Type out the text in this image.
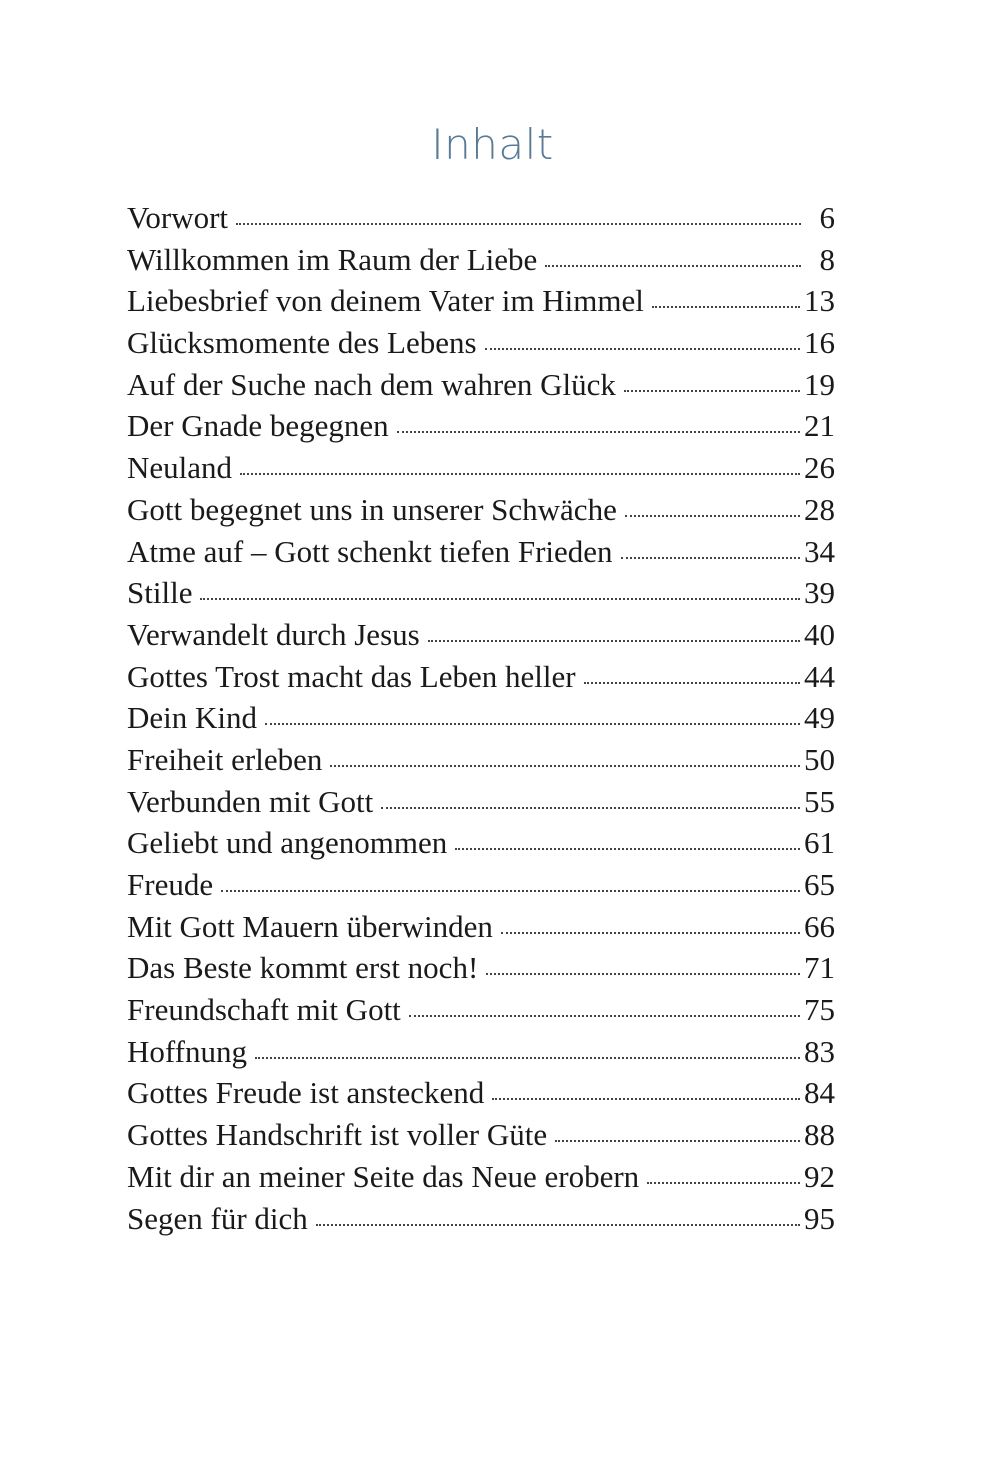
Inhalt
Vorwort	6
Willkommen im Raum der Liebe	8
Liebesbrief von deinem Vater im Himmel	13
Glücksmomente des Lebens	16
Auf der Suche nach dem wahren Glück	19
Der Gnade begegnen	21
Neuland	26
Gott begegnet uns in unserer Schwäche	28
Atme auf – Gott schenkt tiefen Frieden	34
Stille	39
Verwandelt durch Jesus	40
Gottes Trost macht das Leben heller	44
Dein Kind	49
Freiheit erleben	50
Verbunden mit Gott	55
Geliebt und angenommen	61
Freude	65
Mit Gott Mauern überwinden	66
Das Beste kommt erst noch!	71
Freundschaft mit Gott	75
Hoffnung	83
Gottes Freude ist ansteckend	84
Gottes Handschrift ist voller Güte	88
Mit dir an meiner Seite das Neue erobern	92
Segen für dich	95
